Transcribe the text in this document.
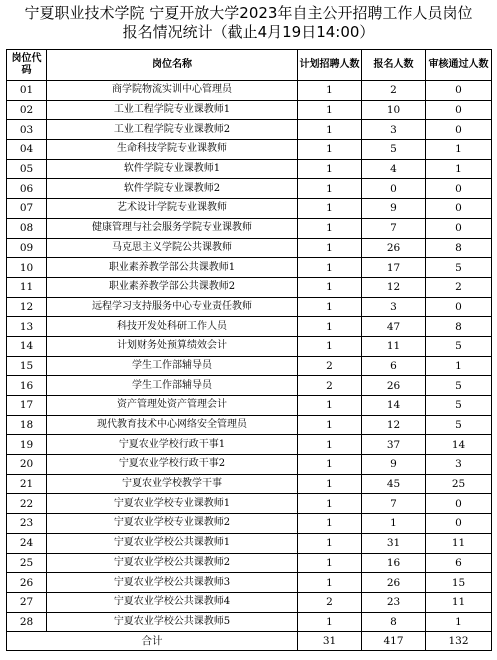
宁夏职业技术学院 宁夏开放大学2023年自主公开招聘工作人员岗位
报名情况统计（截止4月19日14:00）
岗位代码	岗位名称	计划招聘人数	报名人数	审核通过人数
01	商学院物流实训中心管理员	1	2	0
02	工业工程学院专业课教师1	1	10	0
03	工业工程学院专业课教师2	1	3	0
04	生命科技学院专业课教师	1	5	1
05	软件学院专业课教师1	1	4	1
06	软件学院专业课教师2	1	0	0
07	艺术设计学院专业课教师	1	9	0
08	健康管理与社会服务学院专业课教师	1	7	0
09	马克思主义学院公共课教师	1	26	8
10	职业素养教学部公共课教师1	1	17	5
11	职业素养教学部公共课教师2	1	12	2
12	远程学习支持服务中心专业责任教师	1	3	0
13	科技开发处科研工作人员	1	47	8
14	计划财务处预算绩效会计	1	11	5
15	学生工作部辅导员	2	6	1
16	学生工作部辅导员	2	26	5
17	资产管理处资产管理会计	1	14	5
18	现代教育技术中心网络安全管理员	1	12	5
19	宁夏农业学校行政干事1	1	37	14
20	宁夏农业学校行政干事2	1	9	3
21	宁夏农业学校教学干事	1	45	25
22	宁夏农业学校专业课教师1	1	7	0
23	宁夏农业学校专业课教师2	1	1	0
24	宁夏农业学校公共课教师1	1	31	11
25	宁夏农业学校公共课教师2	1	16	6
26	宁夏农业学校公共课教师3	1	26	15
27	宁夏农业学校公共课教师4	2	23	11
28	宁夏农业学校公共课教师5	1	8	1
合计		31	417	132
